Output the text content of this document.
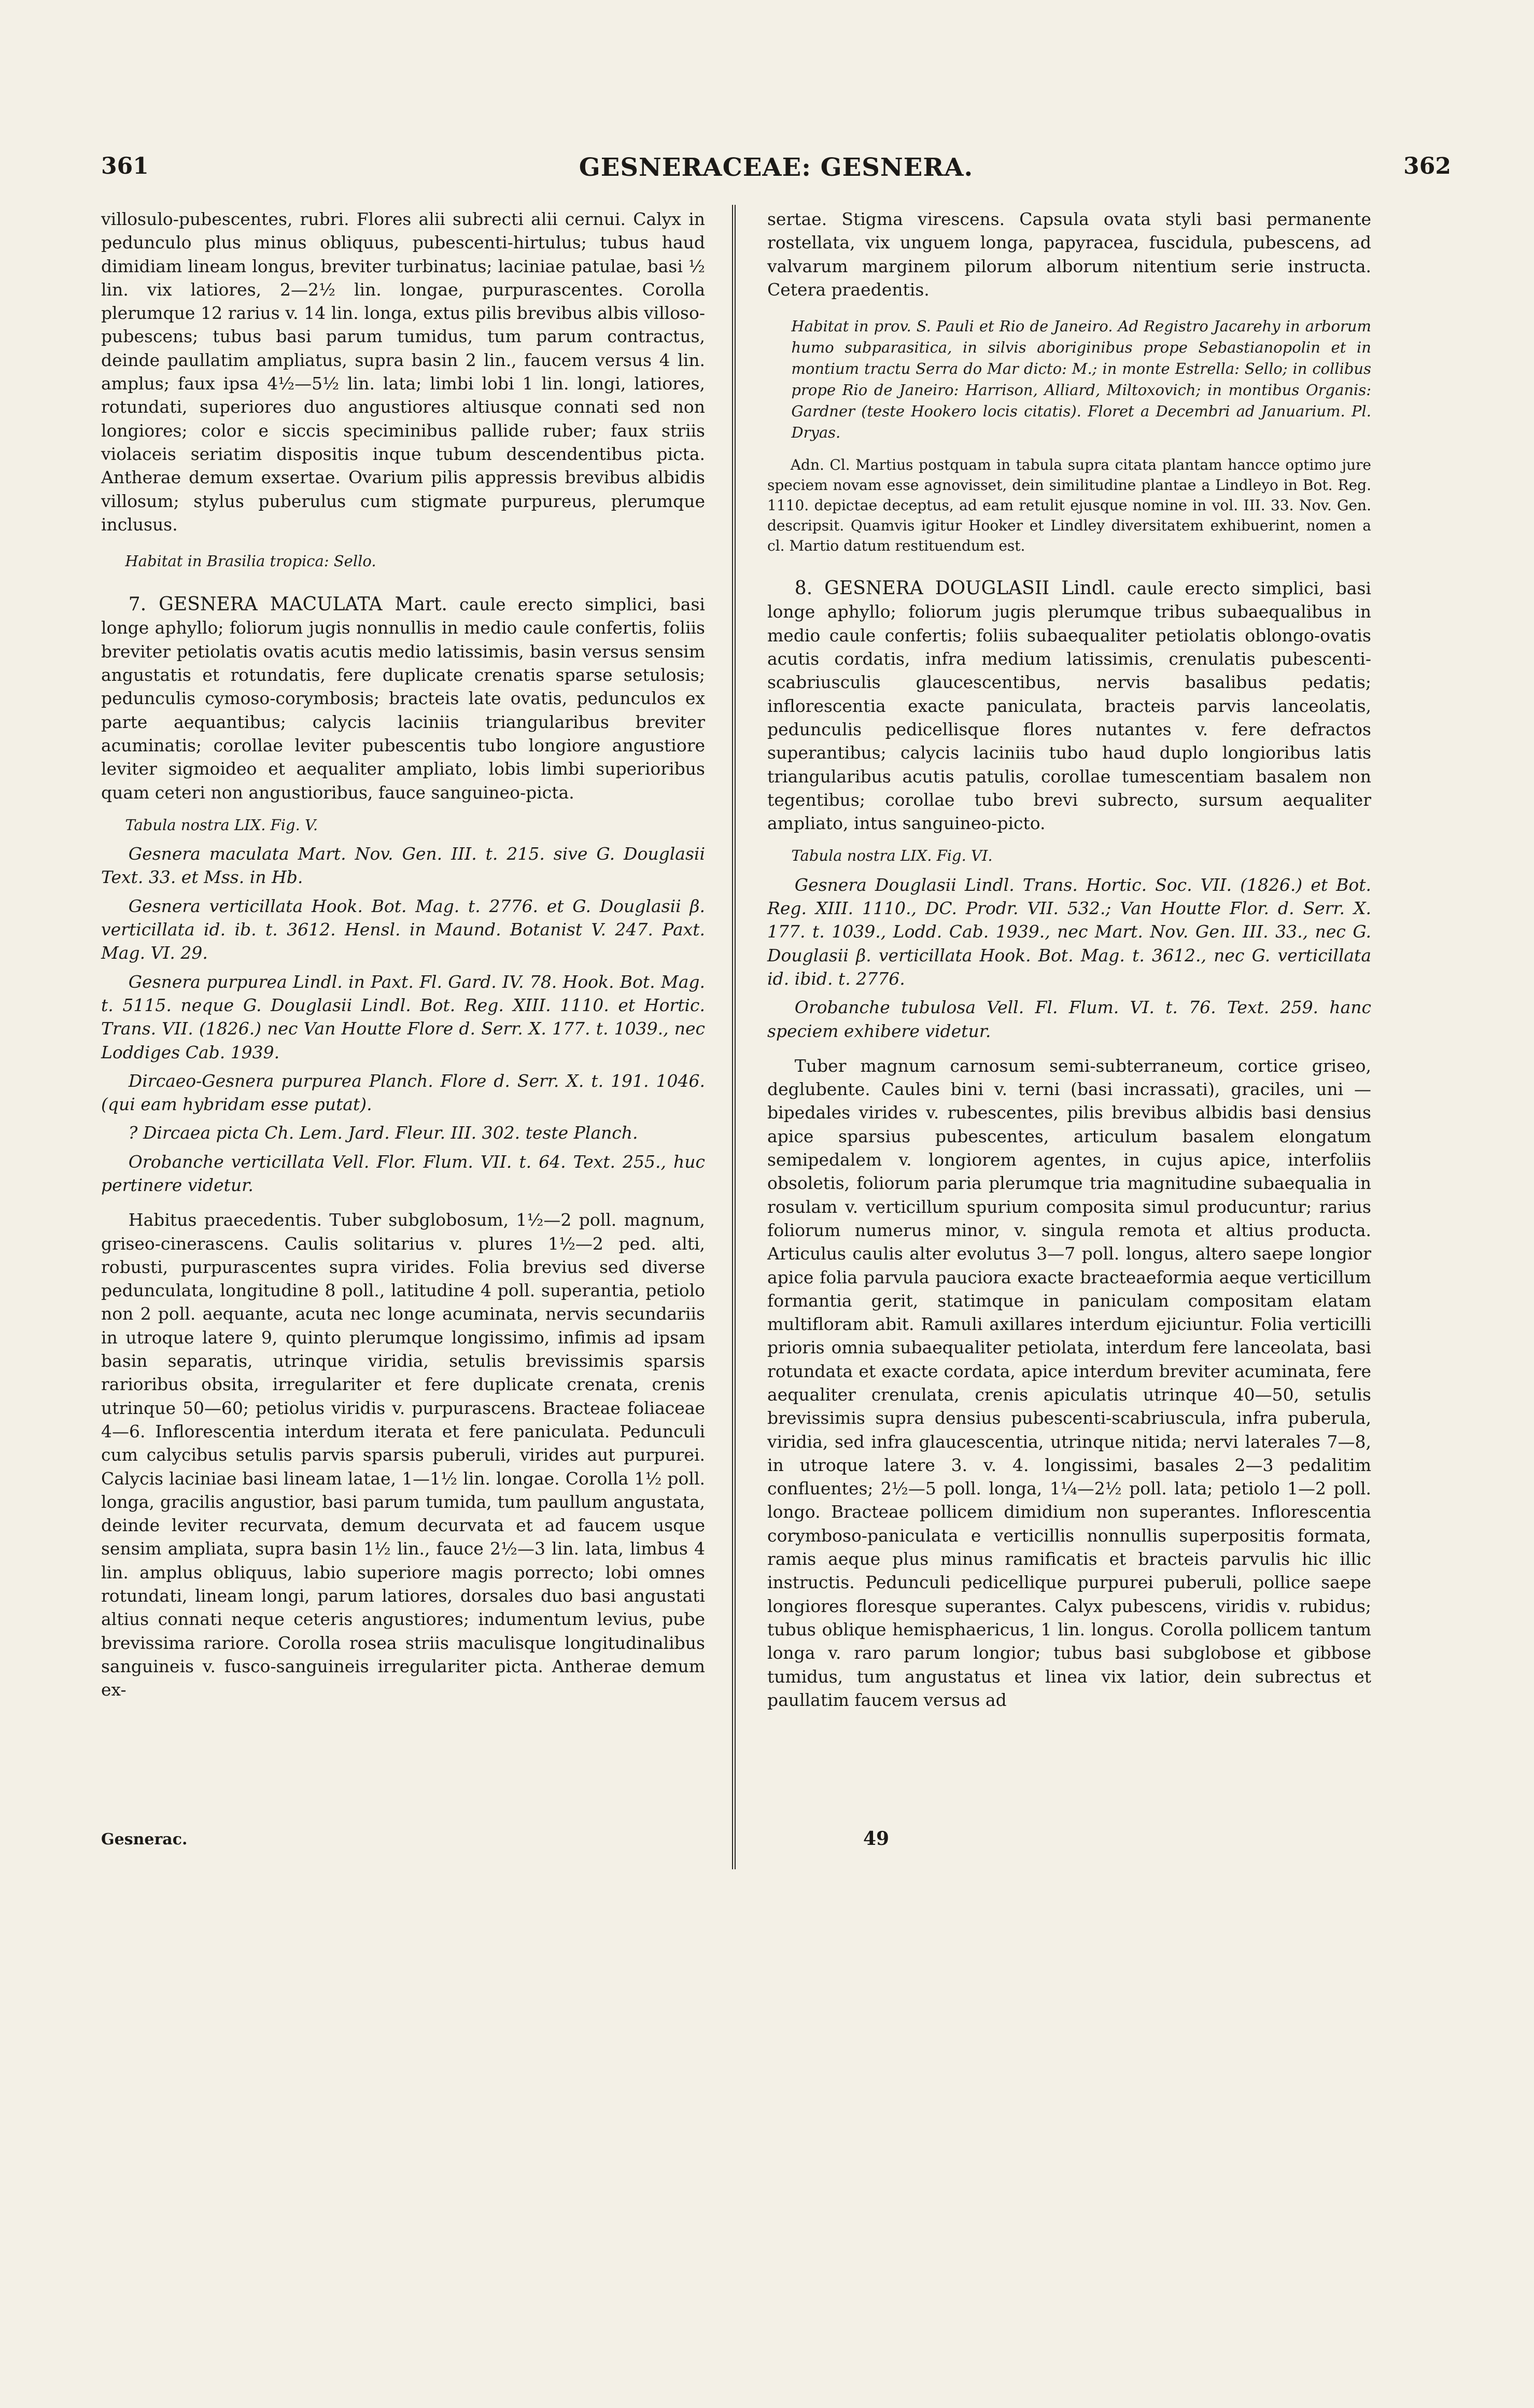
361	GESNERACEAE: GESNERA.	362

villosulo-pubescentes, rubri. Flores alii subrecti alii cernui. Calyx in pedunculo plus minus obliquus, pubescenti-hirtulus; tubus haud dimidiam lineam longus, breviter turbinatus; laciniae patulae, basi ½ lin. vix latiores, 2—2½ lin. longae, purpurascentes. Corolla plerumque 12 rarius v. 14 lin. longa, extus pilis brevibus albis villoso-pubescens; tubus basi parum tumidus, tum parum contractus, deinde paullatim ampliatus, supra basin 2 lin., faucem versus 4 lin. amplus; faux ipsa 4½—5½ lin. lata; limbi lobi 1 lin. longi, latiores, rotundati, superiores duo angustiores altiusque connati sed non longiores; color e siccis speciminibus pallide ruber; faux striis violaceis seriatim dispositis inque tubum descendentibus picta. Antherae demum exsertae. Ovarium pilis appressis brevibus albidis villosum; stylus puberulus cum stigmate purpureus, plerumque inclusus.

Habitat in Brasilia tropica: Sello.

7. GESNERA MACULATA Mart. caule erecto simplici, basi longe aphyllo; foliorum jugis nonnullis in medio caule confertis, foliis breviter petiolatis ovatis acutis medio latissimis, basin versus sensim angustatis et rotundatis, fere duplicate crenatis sparse setulosis; pedunculis cymoso-corymbosis; bracteis late ovatis, pedunculos ex parte aequantibus; calycis laciniis triangularibus breviter acuminatis; corollae leviter pubescentis tubo longiore angustiore leviter sigmoideo et aequaliter ampliato, lobis limbi superioribus quam ceteri non angustioribus, fauce sanguineo-picta.

Tabula nostra LIX. Fig. V.

Gesnera maculata Mart. Nov. Gen. III. t. 215. sive G. Douglasii Text. 33. et Mss. in Hb.

Gesnera verticillata Hook. Bot. Mag. t. 2776. et G. Douglasii β. verticillata id. ib. t. 3612. Hensl. in Maund. Botanist V. 247. Paxt. Mag. VI. 29.

Gesnera purpurea Lindl. in Paxt. Fl. Gard. IV. 78. Hook. Bot. Mag. t. 5115. neque G. Douglasii Lindl. Bot. Reg. XIII. 1110. et Hortic. Trans. VII. (1826.) nec Van Houtte Flore d. Serr. X. 177. t. 1039., nec Loddiges Cab. 1939.

Dircaeo-Gesnera purpurea Planch. Flore d. Serr. X. t. 191. 1046. (qui eam hybridam esse putat).

? Dircaea picta Ch. Lem. Jard. Fleur. III. 302. teste Planch.

Orobanche verticillata Vell. Flor. Flum. VII. t. 64. Text. 255., huc pertinere videtur.

Habitus praecedentis. Tuber subglobosum, 1½—2 poll. magnum, griseo-cinerascens. Caulis solitarius v. plures 1½—2 ped. alti, robusti, purpurascentes supra virides. Folia brevius sed diverse pedunculata, longitudine 8 poll., latitudine 4 poll. superantia, petiolo non 2 poll. aequante, acuta nec longe acuminata, nervis secundariis in utroque latere 9, quinto plerumque longissimo, infimis ad ipsam basin separatis, utrinque viridia, setulis brevissimis sparsis rarioribus obsita, irregulariter et fere duplicate crenata, crenis utrinque 50—60; petiolus viridis v. purpurascens. Bracteae foliaceae 4—6. Inflorescentia interdum iterata et fere paniculata. Pedunculi cum calycibus setulis parvis sparsis puberuli, virides aut purpurei. Calycis laciniae basi lineam latae, 1—1½ lin. longae. Corolla 1½ poll. longa, gracilis angustior, basi parum tumida, tum paullum angustata, deinde leviter recurvata, demum decurvata et ad faucem usque sensim ampliata, supra basin 1½ lin., fauce 2½—3 lin. lata, limbus 4 lin. amplus obliquus, labio superiore magis porrecto; lobi omnes rotundati, lineam longi, parum latiores, dorsales duo basi angustati altius connati neque ceteris angustiores; indumentum levius, pube brevissima rariore. Corolla rosea striis maculisque longitudinalibus sanguineis v. fusco-sanguineis irregulariter picta. Antherae demum ex-

sertae. Stigma virescens. Capsula ovata styli basi permanente rostellata, vix unguem longa, papyracea, fuscidula, pubescens, ad valvarum marginem pilorum alborum nitentium serie instructa. Cetera praedentis.

Habitat in prov. S. Pauli et Rio de Janeiro. Ad Registro Jacarehy in arborum humo subparasitica, in silvis aboriginibus prope Sebastianopolin et in montium tractu Serra do Mar dicto: M.; in monte Estrella: Sello; in collibus prope Rio de Janeiro: Harrison, Alliard, Miltoxovich; in montibus Organis: Gardner (teste Hookero locis citatis). Floret a Decembri ad Januarium. Pl. Dryas.

Adn. Cl. Martius postquam in tabula supra citata plantam hancce optimo jure speciem novam esse agnovisset, dein similitudine plantae a Lindleyo in Bot. Reg. 1110. depictae deceptus, ad eam retulit ejusque nomine in vol. III. 33. Nov. Gen. descripsit. Quamvis igitur Hooker et Lindley diversitatem exhibuerint, nomen a cl. Martio datum restituendum est.

8. GESNERA DOUGLASII Lindl. caule erecto simplici, basi longe aphyllo; foliorum jugis plerumque tribus subaequalibus in medio caule confertis; foliis subaequaliter petiolatis oblongo-ovatis acutis cordatis, infra medium latissimis, crenulatis pubescenti-scabriusculis glaucescentibus, nervis basalibus pedatis; inflorescentia exacte paniculata, bracteis parvis lanceolatis, pedunculis pedicellisque flores nutantes v. fere defractos superantibus; calycis laciniis tubo haud duplo longioribus latis triangularibus acutis patulis, corollae tumescentiam basalem non tegentibus; corollae tubo brevi subrecto, sursum aequaliter ampliato, intus sanguineo-picto.

Tabula nostra LIX. Fig. VI.

Gesnera Douglasii Lindl. Trans. Hortic. Soc. VII. (1826.) et Bot. Reg. XIII. 1110., DC. Prodr. VII. 532.; Van Houtte Flor. d. Serr. X. 177. t. 1039., Lodd. Cab. 1939., nec Mart. Nov. Gen. III. 33., nec G. Douglasii β. verticillata Hook. Bot. Mag. t. 3612., nec G. verticillata id. ibid. t. 2776.

Orobanche tubulosa Vell. Fl. Flum. VI. t. 76. Text. 259. hanc speciem exhibere videtur.

Tuber magnum carnosum semi-subterraneum, cortice griseo, deglubente. Caules bini v. terni (basi incrassati), graciles, uni — bipedales virides v. rubescentes, pilis brevibus albidis basi densius apice sparsius pubescentes, articulum basalem elongatum semipedalem v. longiorem agentes, in cujus apice, interfoliis obsoletis, foliorum paria plerumque tria magnitudine subaequalia in rosulam v. verticillum spurium composita simul producuntur; rarius foliorum numerus minor, v. singula remota et altius producta. Articulus caulis alter evolutus 3—7 poll. longus, altero saepe longior apice folia parvula pauciora exacte bracteaeformia aeque verticillum formantia gerit, statimque in paniculam compositam elatam multifloram abit. Ramuli axillares interdum ejiciuntur. Folia verticilli prioris omnia subaequaliter petiolata, interdum fere lanceolata, basi rotundata et exacte cordata, apice interdum breviter acuminata, fere aequaliter crenulata, crenis apiculatis utrinque 40—50, setulis brevissimis supra densius pubescenti-scabriuscula, infra puberula, viridia, sed infra glaucescentia, utrinque nitida; nervi laterales 7—8, in utroque latere 3. v. 4. longissimi, basales 2—3 pedalitim confluentes; 2½—5 poll. longa, 1¼—2½ poll. lata; petiolo 1—2 poll. longo. Bracteae pollicem dimidium non superantes. Inflorescentia corymboso-paniculata e verticillis nonnullis superpositis formata, ramis aeque plus minus ramificatis et bracteis parvulis hic illic instructis. Pedunculi pedicellique purpurei puberuli, pollice saepe longiores floresque superantes. Calyx pubescens, viridis v. rubidus; tubus oblique hemisphaericus, 1 lin. longus. Corolla pollicem tantum longa v. raro parum longior; tubus basi subglobose et gibbose tumidus, tum angustatus et linea vix latior, dein subrectus et paullatim faucem versus ad

Gesnerac.	49
